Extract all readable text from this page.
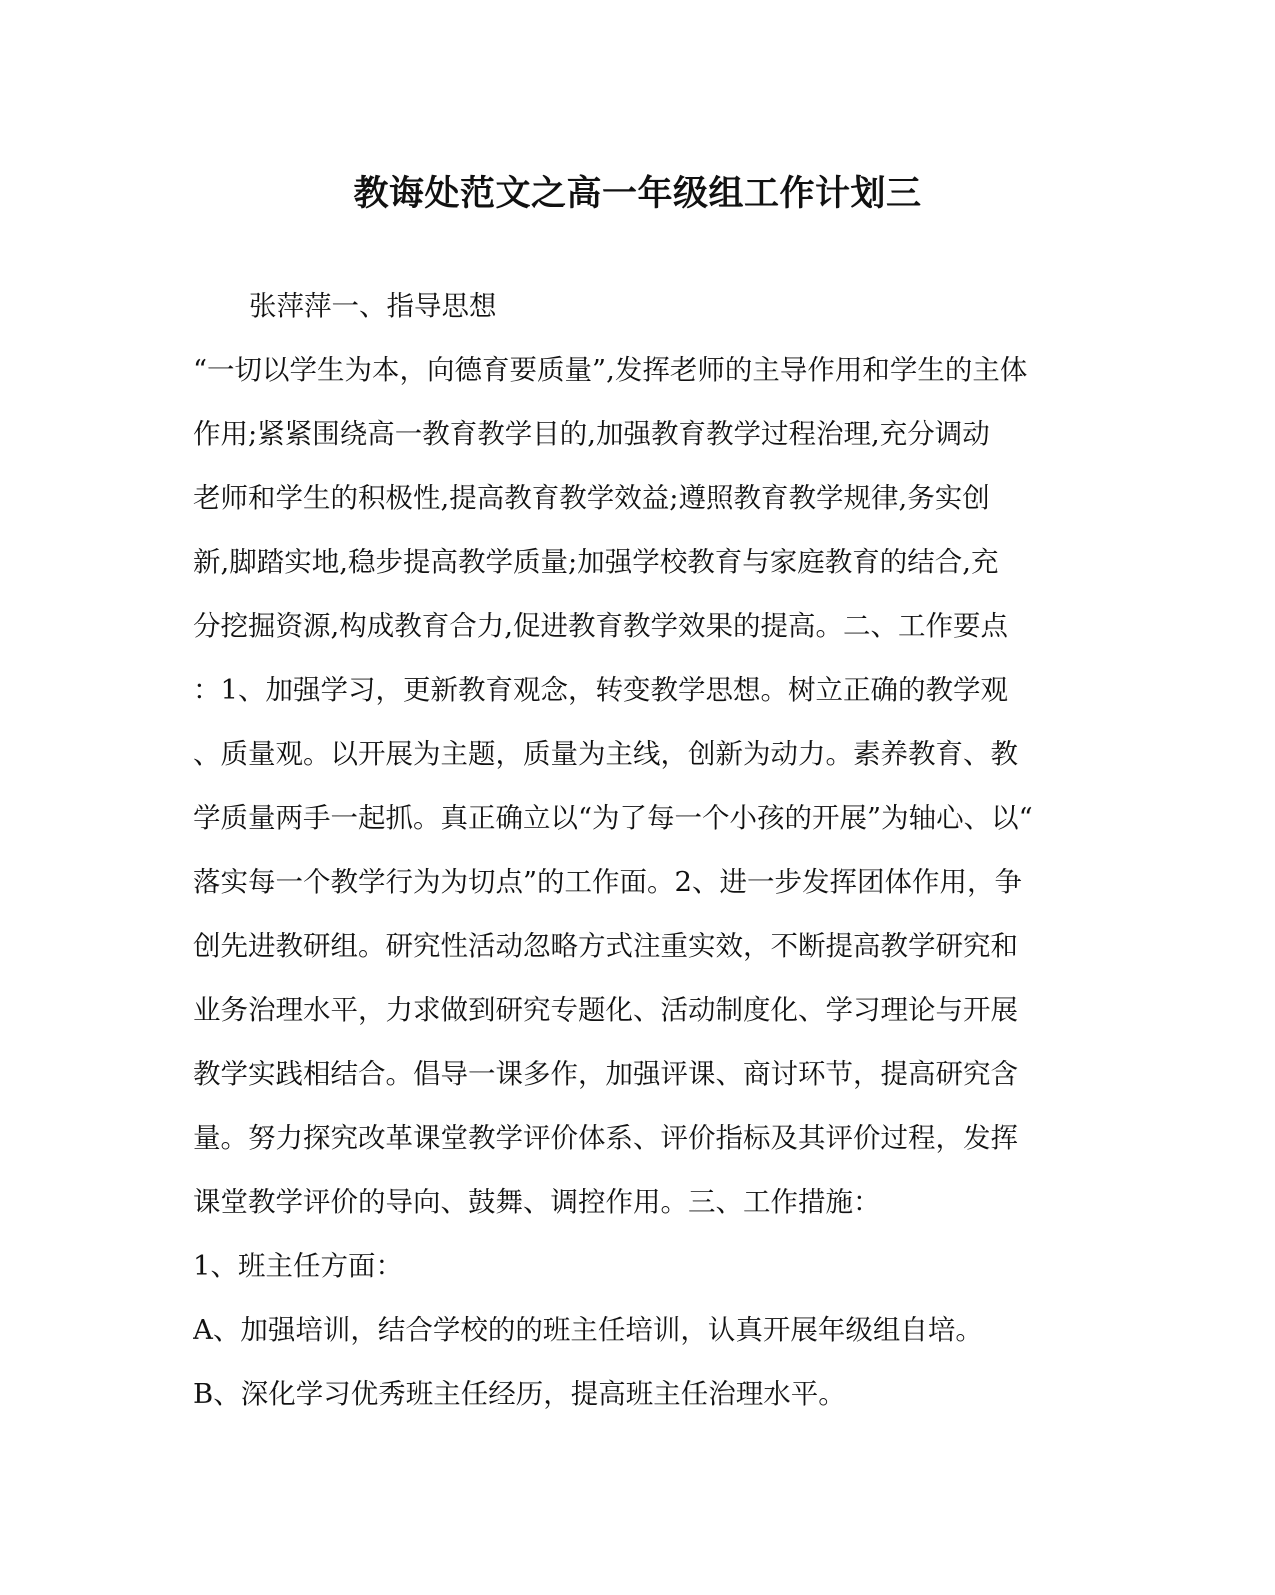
教诲处范文之高一年级组工作计划三
张萍萍一、指导思想
“一切以学生为本，向德育要质量”,发挥老师的主导作用和学生的主体
作用;紧紧围绕高一教育教学目的,加强教育教学过程治理,充分调动
老师和学生的积极性,提高教育教学效益;遵照教育教学规律,务实创
新,脚踏实地,稳步提高教学质量;加强学校教育与家庭教育的结合,充
分挖掘资源,构成教育合力,促进教育教学效果的提高。二、工作要点
：1、加强学习，更新教育观念，转变教学思想。树立正确的教学观
、质量观。以开展为主题，质量为主线，创新为动力。素养教育、教
学质量两手一起抓。真正确立以“为了每一个小孩的开展”为轴心、以“
落实每一个教学行为为切点”的工作面。2、进一步发挥团体作用，争
创先进教研组。研究性活动忽略方式注重实效，不断提高教学研究和
业务治理水平，力求做到研究专题化、活动制度化、学习理论与开展
教学实践相结合。倡导一课多作，加强评课、商讨环节，提高研究含
量。努力探究改革课堂教学评价体系、评价指标及其评价过程，发挥
课堂教学评价的导向、鼓舞、调控作用。三、工作措施：
1、班主任方面：
A、加强培训，结合学校的的班主任培训，认真开展年级组自培。
B、深化学习优秀班主任经历，提高班主任治理水平。
